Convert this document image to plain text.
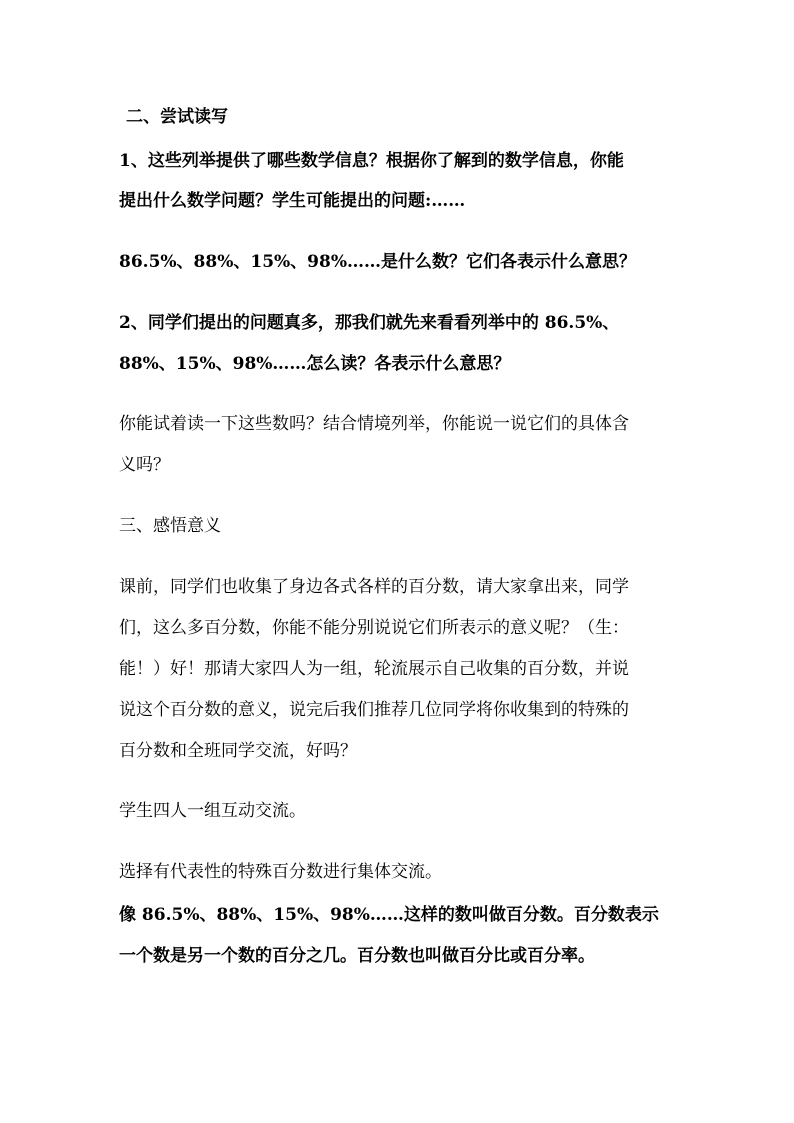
二、尝试读写
1、这些列举提供了哪些数学信息？根据你了解到的数学信息，你能
提出什么数学问题？学生可能提出的问题:……
86.5%、88%、15%、98%……是什么数？它们各表示什么意思？
2、同学们提出的问题真多，那我们就先来看看列举中的 86.5%、
88%、15%、98%……怎么读？各表示什么意思？
你能试着读一下这些数吗？结合情境列举，你能说一说它们的具体含
义吗？
三、感悟意义
课前，同学们也收集了身边各式各样的百分数，请大家拿出来，同学
们，这么多百分数，你能不能分别说说它们所表示的意义呢？（生：
能！）好！那请大家四人为一组，轮流展示自己收集的百分数，并说
说这个百分数的意义，说完后我们推荐几位同学将你收集到的特殊的
百分数和全班同学交流，好吗？
学生四人一组互动交流。
选择有代表性的特殊百分数进行集体交流。
像 86.5%、88%、15%、98%……这样的数叫做百分数。百分数表示
一个数是另一个数的百分之几。百分数也叫做百分比或百分率。
